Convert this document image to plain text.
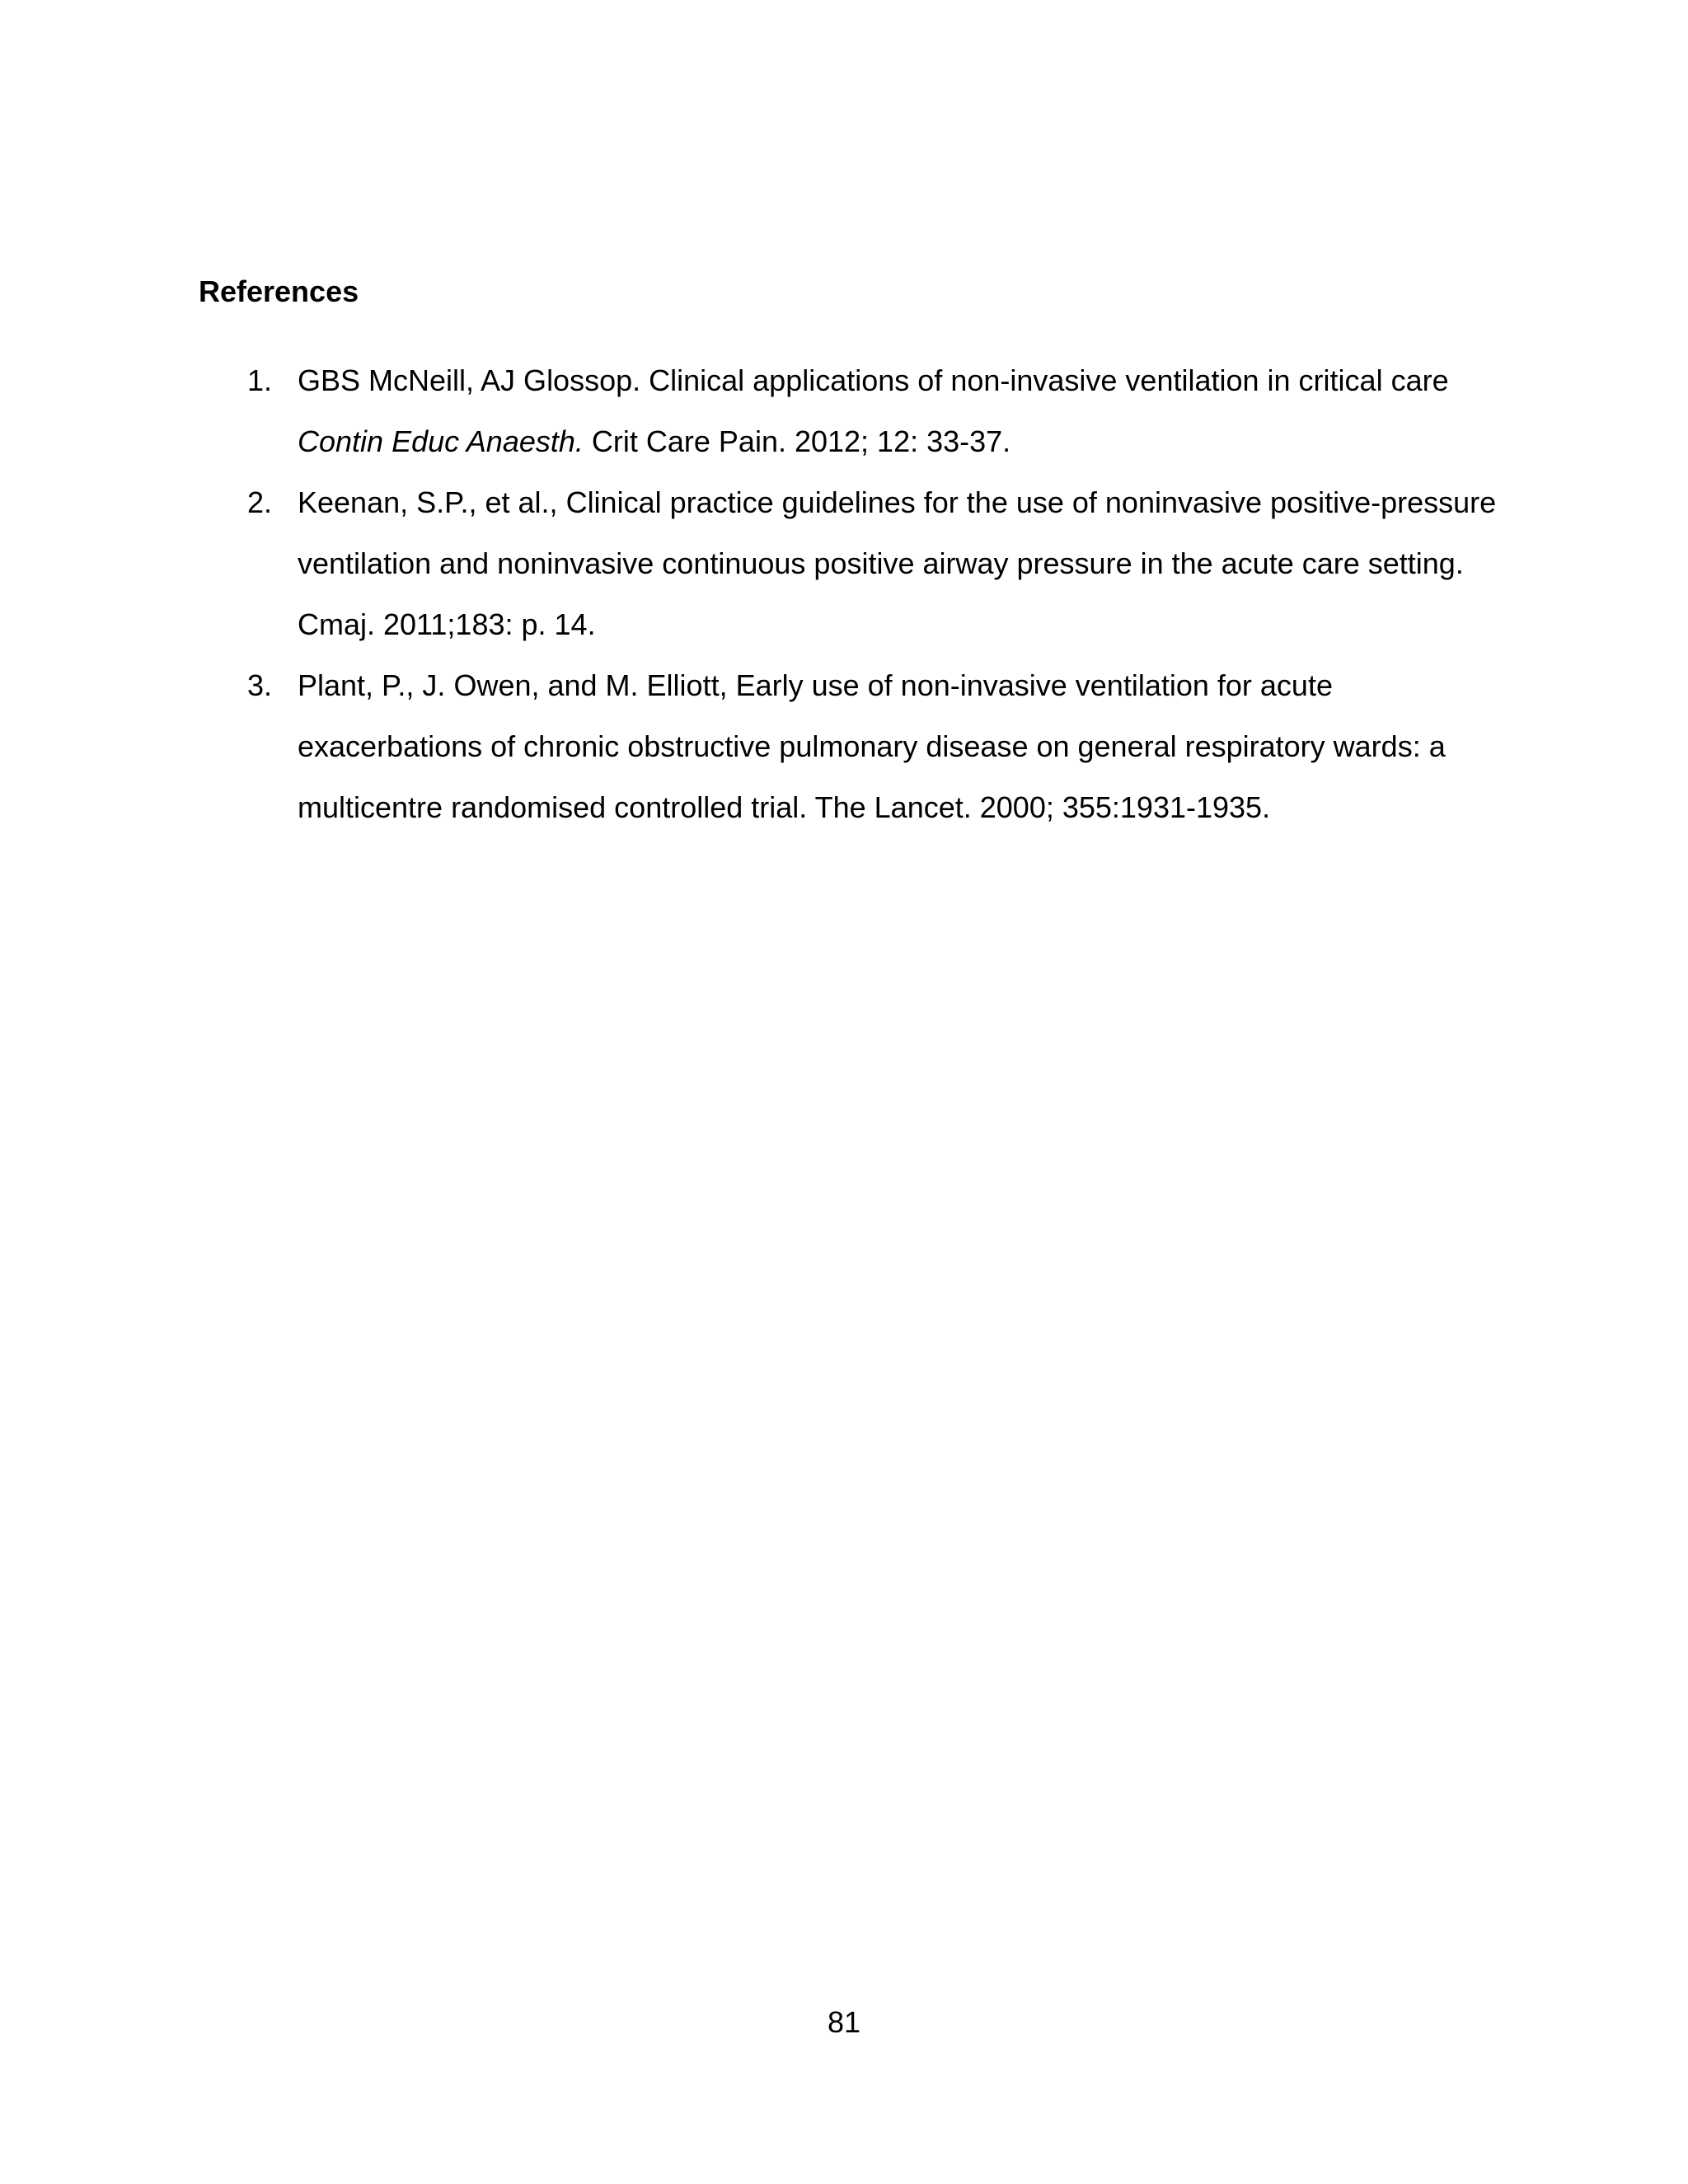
References
1. GBS McNeill, AJ Glossop. Clinical applications of non-invasive ventilation in critical care Contin Educ Anaesth. Crit Care Pain. 2012; 12: 33-37.
2. Keenan, S.P., et al., Clinical practice guidelines for the use of noninvasive positive-pressure ventilation and noninvasive continuous positive airway pressure in the acute care setting. Cmaj. 2011;183: p. 14.
3. Plant, P., J. Owen, and M. Elliott, Early use of non-invasive ventilation for acute exacerbations of chronic obstructive pulmonary disease on general respiratory wards: a multicentre randomised controlled trial. The Lancet. 2000; 355:1931-1935.
81
